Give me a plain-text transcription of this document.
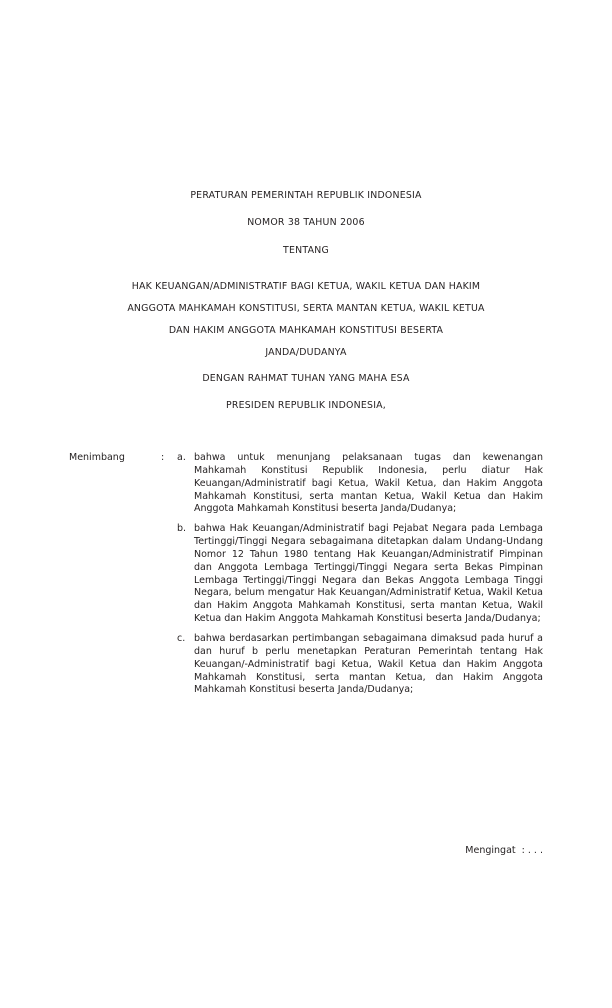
PERATURAN PEMERINTAH REPUBLIK INDONESIA
NOMOR 38 TAHUN 2006
TENTANG
HAK KEUANGAN/ADMINISTRATIF BAGI KETUA, WAKIL KETUA DAN HAKIM
ANGGOTA MAHKAMAH KONSTITUSI, SERTA MANTAN KETUA, WAKIL KETUA
DAN HAKIM ANGGOTA MAHKAMAH KONSTITUSI BESERTA
JANDA/DUDANYA
DENGAN RAHMAT TUHAN YANG MAHA ESA
PRESIDEN REPUBLIK INDONESIA,
Menimbang	:	a. bahwa untuk menunjang pelaksanaan tugas dan kewenangan Mahkamah Konstitusi Republik Indonesia, perlu diatur Hak Keuangan/Administratif bagi Ketua, Wakil Ketua, dan Hakim Anggota Mahkamah Konstitusi, serta mantan Ketua, Wakil Ketua dan Hakim Anggota Mahkamah Konstitusi beserta Janda/Dudanya;
b. bahwa Hak Keuangan/Administratif bagi Pejabat Negara pada Lembaga Tertinggi/Tinggi Negara sebagaimana ditetapkan dalam Undang-Undang Nomor 12 Tahun 1980 tentang Hak Keuangan/Administratif Pimpinan dan Anggota Lembaga Tertinggi/Tinggi Negara serta Bekas Pimpinan Lembaga Tertinggi/Tinggi Negara dan Bekas Anggota Lembaga Tinggi Negara, belum mengatur Hak Keuangan/Administratif Ketua, Wakil Ketua dan Hakim Anggota Mahkamah Konstitusi, serta mantan Ketua, Wakil Ketua dan Hakim Anggota Mahkamah Konstitusi beserta Janda/Dudanya;
c. bahwa berdasarkan pertimbangan sebagaimana dimaksud pada huruf a dan huruf b perlu menetapkan Peraturan Pemerintah tentang Hak Keuangan/-Administratif bagi Ketua, Wakil Ketua dan Hakim Anggota Mahkamah Konstitusi, serta mantan Ketua, dan Hakim Anggota Mahkamah Konstitusi beserta Janda/Dudanya;
Mengingat  : . . .
